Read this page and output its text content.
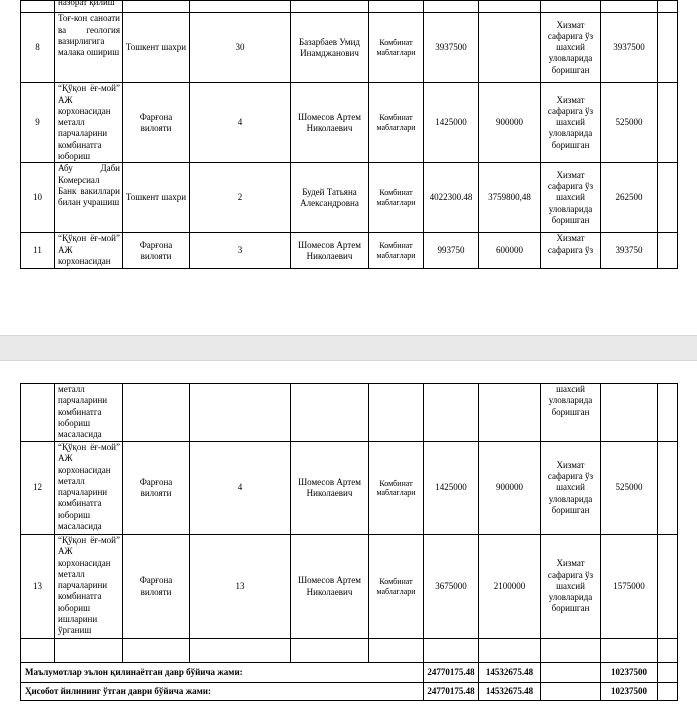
	назорат қилиш									

8	Тоғ-кон саноати ва геология вазирлигига малака ошириш	Тошкент шахри	30	Базарбаев Умид Инамджанович	Комбинат маблағлари	3937500		Хизмат сафарига ўз шахсий уловларида боришган	3937500	
9	“Қўқон ёғ-мой” АЖ корхонасидан металл парчаларини комбинатга юбориш	Фарғона вилояти	4	Шомесов Артем Николаевич	Комбинат маблағлари	1425000	900000	Хизмат сафарига ўз шахсий уловларида боришган	525000	
10	Абу Даби Комерсиал Банк вакиллари билан учрашиш	Тошкент шахри	2	Будей Татьяна Александровна	Комбинат маблағлари	4022300.48	3759800,48	Хизмат сафарига ўз шахсий уловларида боришган	262500	
11	“Қўқон ёғ-мой” АЖ корхонасидан	Фарғона вилояти	3	Шомесов Артем Николаевич	Комбинат маблағлари	993750	600000	Хизмат сафарига ўз	393750	
	металл парчаларини комбинатга юбориш масаласида							шахсий уловларида боришган		
12	“Қўқон ёғ-мой” АЖ корхонасидан металл парчаларини комбинатга юбориш масаласида	Фарғона вилояти	4	Шомесов Артем Николаевич	Комбинат маблағлари	1425000	900000	Хизмат сафарига ўз шахсий уловларида боришган	525000	
13	“Қўқон ёғ-мой” АЖ корхонасидан металл парчаларини комбинатга юбориш ишларини ўрганиш	Фарғона вилояти	13	Шомесов Артем Николаевич	Комбинат маблағлари	3675000	2100000	Хизмат сафарига ўз шахсий уловларида боришган	1575000	

Маълумотлар эълон қилинаётган давр бўйича жами:						24770175.48	14532675.48		10237500	
Ҳисобот йилининг ўтган даври бўйича жами:						24770175.48	14532675.48		10237500	
